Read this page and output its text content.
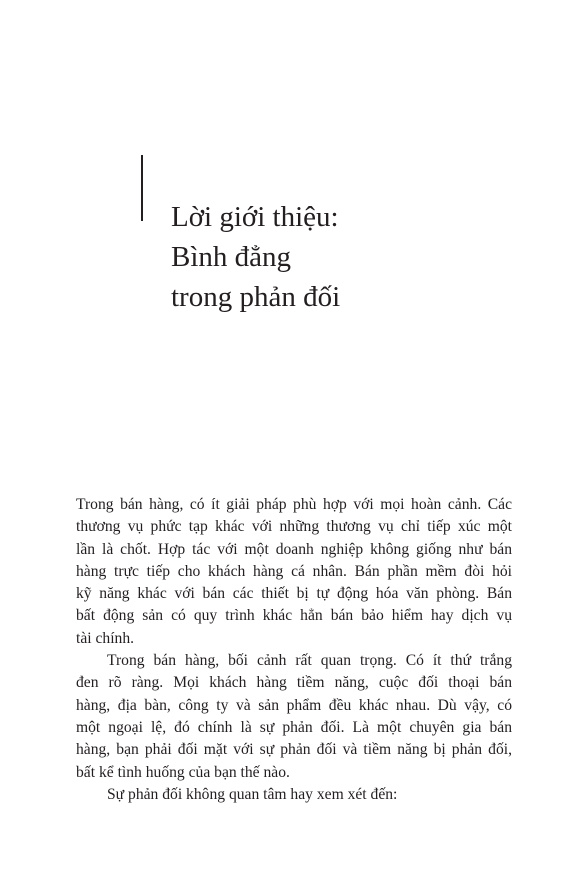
Lời giới thiệu:
Bình đẳng
trong phản đối

Trong bán hàng, có ít giải pháp phù hợp với mọi hoàn cảnh. Các
thương vụ phức tạp khác với những thương vụ chỉ tiếp xúc một
lần là chốt. Hợp tác với một doanh nghiệp không giống như bán
hàng trực tiếp cho khách hàng cá nhân. Bán phần mềm đòi hỏi
kỹ năng khác với bán các thiết bị tự động hóa văn phòng. Bán
bất động sản có quy trình khác hẳn bán bảo hiểm hay dịch vụ
tài chính.

Trong bán hàng, bối cảnh rất quan trọng. Có ít thứ trắng
đen rõ ràng. Mọi khách hàng tiềm năng, cuộc đối thoại bán
hàng, địa bàn, công ty và sản phẩm đều khác nhau. Dù vậy, có
một ngoại lệ, đó chính là sự phản đối. Là một chuyên gia bán
hàng, bạn phải đối mặt với sự phản đối và tiềm năng bị phản đối,
bất kể tình huống của bạn thế nào.

Sự phản đối không quan tâm hay xem xét đến:
